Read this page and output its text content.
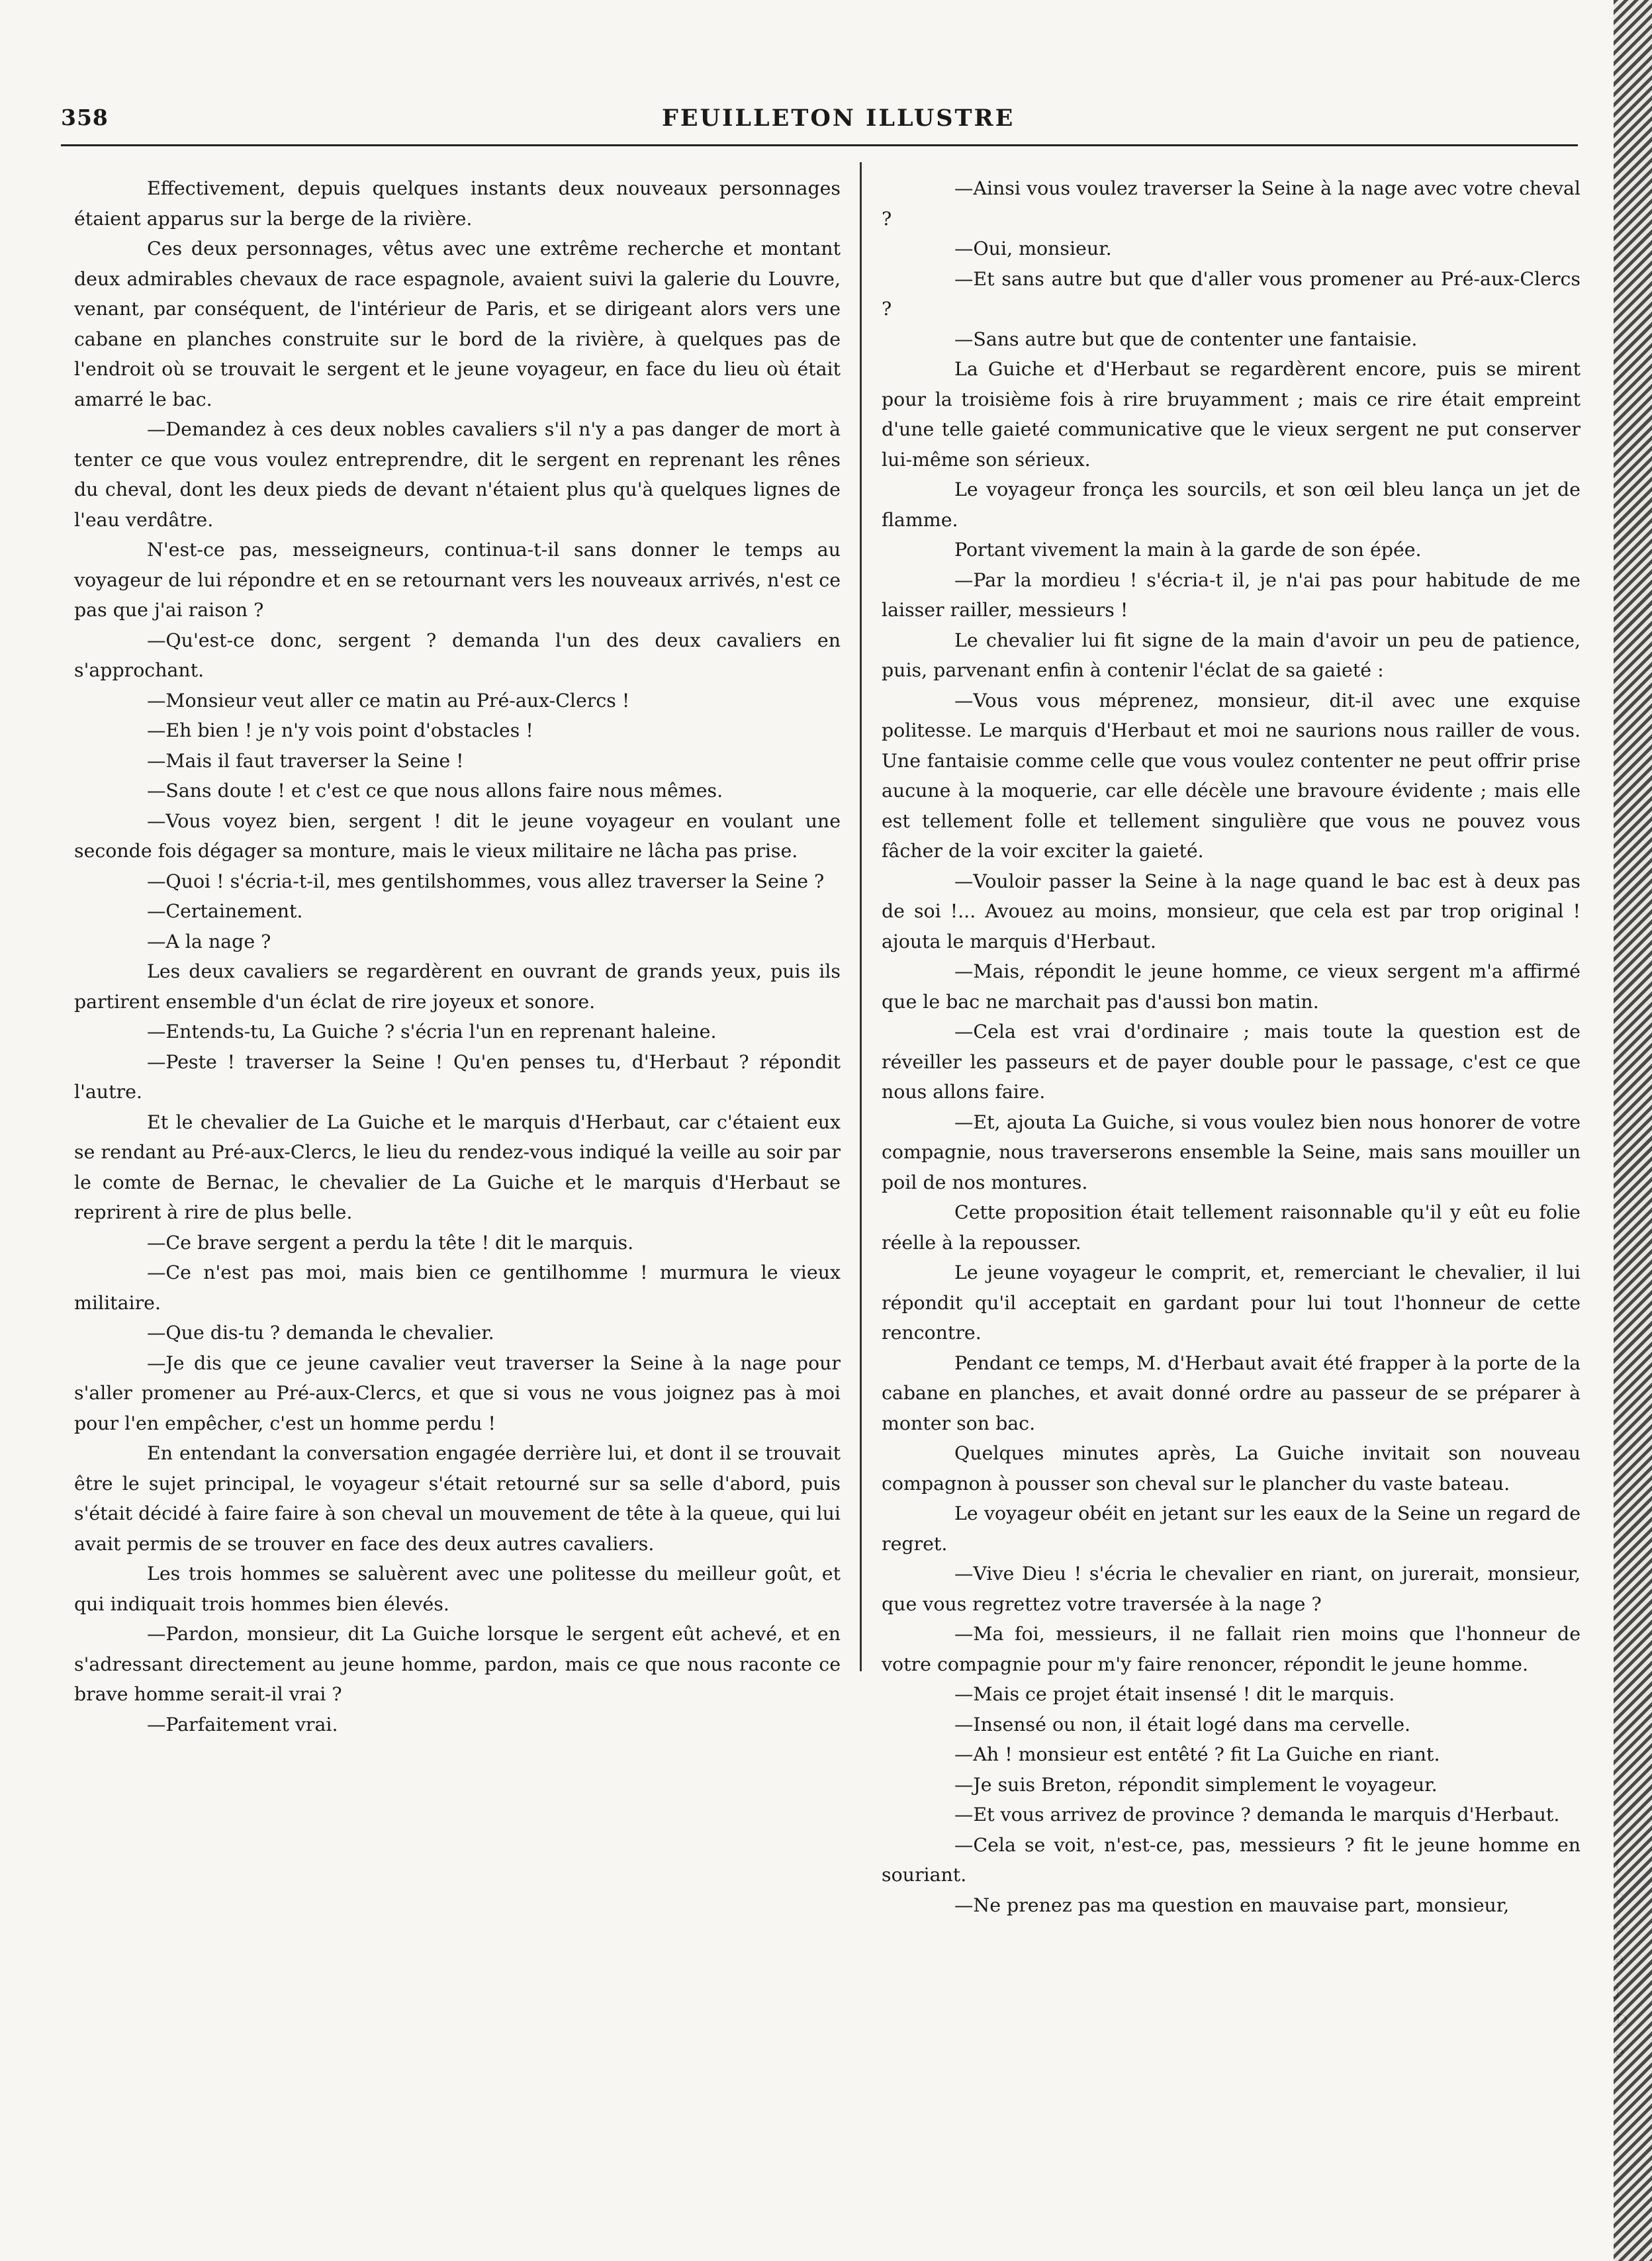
358	FEUILLETON ILLUSTRE

Effectivement, depuis quelques instants deux nouveaux personnages étaient apparus sur la berge de la rivière.

Ces deux personnages, vêtus avec une extrême recherche et montant deux admirables chevaux de race espagnole, avaient suivi la galerie du Louvre, venant, par conséquent, de l'intérieur de Paris, et se dirigeant alors vers une cabane en planches construite sur le bord de la rivière, à quelques pas de l'endroit où se trouvait le sergent et le jeune voyageur, en face du lieu où était amarré le bac.

—Demandez à ces deux nobles cavaliers s'il n'y a pas danger de mort à tenter ce que vous voulez entreprendre, dit le sergent en reprenant les rênes du cheval, dont les deux pieds de devant n'étaient plus qu'à quelques lignes de l'eau verdâtre.

N'est-ce pas, messeigneurs, continua-t-il sans donner le temps au voyageur de lui répondre et en se retournant vers les nouveaux arrivés, n'est ce pas que j'ai raison ?

—Qu'est-ce donc, sergent ? demanda l'un des deux cavaliers en s'approchant.

—Monsieur veut aller ce matin au Pré-aux-Clercs !

—Eh bien ! je n'y vois point d'obstacles !

—Mais il faut traverser la Seine !

—Sans doute ! et c'est ce que nous allons faire nous mêmes.

—Vous voyez bien, sergent ! dit le jeune voyageur en voulant une seconde fois dégager sa monture, mais le vieux militaire ne lâcha pas prise.

—Quoi ! s'écria-t-il, mes gentilshommes, vous allez traverser la Seine ?

—Certainement.

—A la nage ?

Les deux cavaliers se regardèrent en ouvrant de grands yeux, puis ils partirent ensemble d'un éclat de rire joyeux et sonore.

—Entends-tu, La Guiche ? s'écria l'un en reprenant haleine.

—Peste ! traverser la Seine ! Qu'en penses tu, d'Herbaut ? répondit l'autre.

Et le chevalier de La Guiche et le marquis d'Herbaut, car c'étaient eux se rendant au Pré-aux-Clercs, le lieu du rendez-vous indiqué la veille au soir par le comte de Bernac, le chevalier de La Guiche et le marquis d'Herbaut se reprirent à rire de plus belle.

—Ce brave sergent a perdu la tête ! dit le marquis.

—Ce n'est pas moi, mais bien ce gentilhomme ! murmura le vieux militaire.

—Que dis-tu ? demanda le chevalier.

—Je dis que ce jeune cavalier veut traverser la Seine à la nage pour s'aller promener au Pré-aux-Clercs, et que si vous ne vous joignez pas à moi pour l'en empêcher, c'est un homme perdu !

En entendant la conversation engagée derrière lui, et dont il se trouvait être le sujet principal, le voyageur s'était retourné sur sa selle d'abord, puis s'était décidé à faire faire à son cheval un mouvement de tête à la queue, qui lui avait permis de se trouver en face des deux autres cavaliers.

Les trois hommes se saluèrent avec une politesse du meilleur goût, et qui indiquait trois hommes bien élevés.

—Pardon, monsieur, dit La Guiche lorsque le sergent eût achevé, et en s'adressant directement au jeune homme, pardon, mais ce que nous raconte ce brave homme serait-il vrai ?

—Parfaitement vrai.

—Ainsi vous voulez traverser la Seine à la nage avec votre cheval ?

—Oui, monsieur.

—Et sans autre but que d'aller vous promener au Pré-aux-Clercs ?

—Sans autre but que de contenter une fantaisie.

La Guiche et d'Herbaut se regardèrent encore, puis se mirent pour la troisième fois à rire bruyamment ; mais ce rire était empreint d'une telle gaieté communicative que le vieux sergent ne put conserver lui-même son sérieux.

Le voyageur fronça les sourcils, et son œil bleu lança un jet de flamme.

Portant vivement la main à la garde de son épée.

—Par la mordieu ! s'écria-t il, je n'ai pas pour habitude de me laisser railler, messieurs !

Le chevalier lui fit signe de la main d'avoir un peu de patience, puis, parvenant enfin à contenir l'éclat de sa gaieté :

—Vous vous méprenez, monsieur, dit-il avec une exquise politesse. Le marquis d'Herbaut et moi ne saurions nous railler de vous. Une fantaisie comme celle que vous voulez contenter ne peut offrir prise aucune à la moquerie, car elle décèle une bravoure évidente ; mais elle est tellement folle et tellement singulière que vous ne pouvez vous fâcher de la voir exciter la gaieté.

—Vouloir passer la Seine à la nage quand le bac est à deux pas de soi !... Avouez au moins, monsieur, que cela est par trop original ! ajouta le marquis d'Herbaut.

—Mais, répondit le jeune homme, ce vieux sergent m'a affirmé que le bac ne marchait pas d'aussi bon matin.

—Cela est vrai d'ordinaire ; mais toute la question est de réveiller les passeurs et de payer double pour le passage, c'est ce que nous allons faire.

—Et, ajouta La Guiche, si vous voulez bien nous honorer de votre compagnie, nous traverserons ensemble la Seine, mais sans mouiller un poil de nos montures.

Cette proposition était tellement raisonnable qu'il y eût eu folie réelle à la repousser.

Le jeune voyageur le comprit, et, remerciant le chevalier, il lui répondit qu'il acceptait en gardant pour lui tout l'honneur de cette rencontre.

Pendant ce temps, M. d'Herbaut avait été frapper à la porte de la cabane en planches, et avait donné ordre au passeur de se préparer à monter son bac.

Quelques minutes après, La Guiche invitait son nouveau compagnon à pousser son cheval sur le plancher du vaste bateau.

Le voyageur obéit en jetant sur les eaux de la Seine un regard de regret.

—Vive Dieu ! s'écria le chevalier en riant, on jurerait, monsieur, que vous regrettez votre traversée à la nage ?

—Ma foi, messieurs, il ne fallait rien moins que l'honneur de votre compagnie pour m'y faire renoncer, répondit le jeune homme.

—Mais ce projet était insensé ! dit le marquis.

—Insensé ou non, il était logé dans ma cervelle.

—Ah ! monsieur est entêté ? fit La Guiche en riant.

—Je suis Breton, répondit simplement le voyageur.

—Et vous arrivez de province ? demanda le marquis d'Herbaut.

—Cela se voit, n'est-ce, pas, messieurs ? fit le jeune homme en souriant.

—Ne prenez pas ma question en mauvaise part, monsieur,
